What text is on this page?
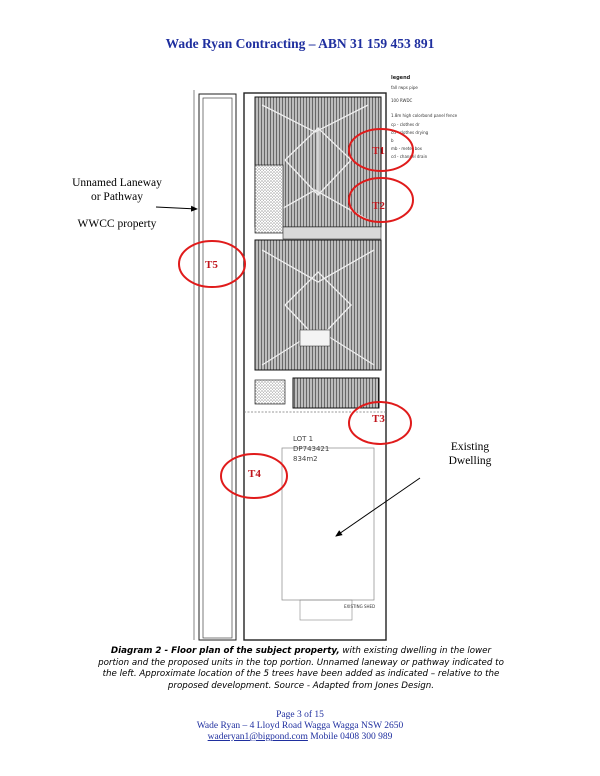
Wade Ryan Contracting – ABN 31 159 453 891
EXISTING SHED
LOT 1
DP743421
834m2
legend
fall rwps pipe
100 RWDC
1.8m high colorbond panel fence
cp - clothes dr
cd - clothes drying
b
mb - meter box
cd - channel drain
T1
T2
T3
T4
T5
Unnamed Laneway
or Pathway
WWCC property
Existing
Dwelling
Diagram 2 - Floor plan of the subject property, with existing dwelling in the lower portion and the proposed units in the top portion. Unnamed laneway or pathway indicated to the left. Approximate location of the 5 trees have been added as indicated – relative to the proposed development. Source - Adapted from Jones Design.
Page 3 of 15
Wade Ryan – 4 Lloyd Road Wagga Wagga NSW 2650
waderyan1@bigpond.com Mobile 0408 300 989
